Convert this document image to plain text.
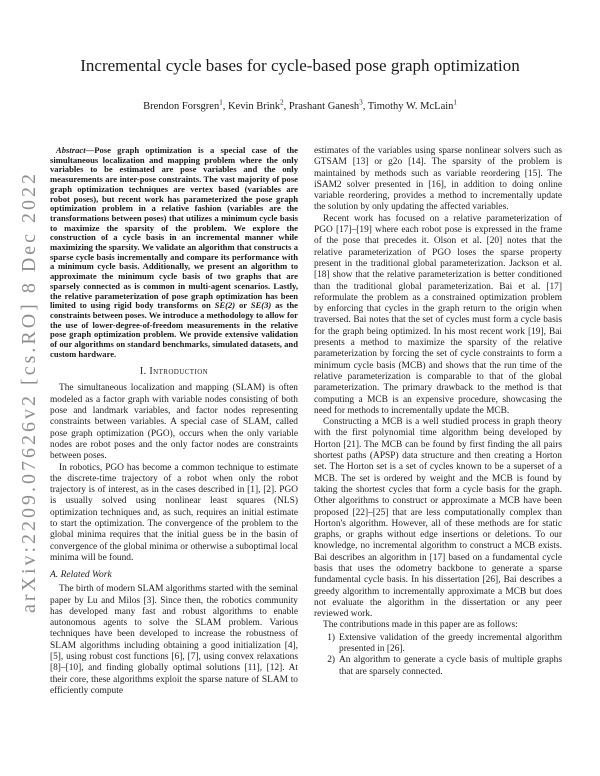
arXiv:2209.07626v2 [cs.RO] 8 Dec 2022
Incremental cycle bases for cycle-based pose graph optimization
Brendon Forsgren$^1$, Kevin Brink$^2$, Prashant Ganesh$^3$, Timothy W. McLain$^1$

Abstract—Pose graph optimization is a special case of the simultaneous localization and mapping problem where the only variables to be estimated are pose variables and the only measurements are inter-pose constraints. The vast majority of pose graph optimization techniques are vertex based (variables are robot poses), but recent work has parameterized the pose graph optimization problem in a relative fashion (variables are the transformations between poses) that utilizes a minimum cycle basis to maximize the sparsity of the problem. We explore the construction of a cycle basis in an incremental manner while maximizing the sparsity. We validate an algorithm that constructs a sparse cycle basis incrementally and compare its performance with a minimum cycle basis. Additionally, we present an algorithm to approximate the minimum cycle basis of two graphs that are sparsely connected as is common in multi-agent scenarios. Lastly, the relative parameterization of pose graph optimization has been limited to using rigid body transforms on SE(2) or SE(3) as the constraints between poses. We introduce a methodology to allow for the use of lower-degree-of-freedom measurements in the relative pose graph optimization problem. We provide extensive validation of our algorithms on standard benchmarks, simulated datasets, and custom hardware.

I. Introduction

The simultaneous localization and mapping (SLAM) is often modeled as a factor graph with variable nodes consisting of both pose and landmark variables, and factor nodes representing constraints between variables. A special case of SLAM, called pose graph optimization (PGO), occurs when the only variable nodes are robot poses and the only factor nodes are constraints between poses.

In robotics, PGO has become a common technique to estimate the discrete-time trajectory of a robot when only the robot trajectory is of interest, as in the cases described in [1], [2]. PGO is usually solved using nonlinear least squares (NLS) optimization techniques and, as such, requires an initial estimate to start the optimization. The convergence of the problem to the global minima requires that the initial guess be in the basin of convergence of the global minima or otherwise a suboptimal local minima will be found.

A. Related Work

The birth of modern SLAM algorithms started with the seminal paper by Lu and Milos [3]. Since then, the robotics community has developed many fast and robust algorithms to enable autonomous agents to solve the SLAM problem. Various techniques have been developed to increase the robustness of SLAM algorithms including obtaining a good initialization [4], [5], using robust cost functions [6], [7], using convex relaxations [8]–[10], and finding globally optimal solutions [11], [12]. At their core, these algorithms exploit the sparse nature of SLAM to efficiently compute

estimates of the variables using sparse nonlinear solvers such as GTSAM [13] or g2o [14]. The sparsity of the problem is maintained by methods such as variable reordering [15]. The iSAM2 solver presented in [16], in addition to doing online variable reordering, provides a method to incrementally update the solution by only updating the affected variables.

Recent work has focused on a relative parameterization of PGO [17]–[19] where each robot pose is expressed in the frame of the pose that precedes it. Olson et al. [20] notes that the relative parameterization of PGO loses the sparse property present in the traditional global parameterization. Jackson et al. [18] show that the relative parameterization is better conditioned than the traditional global parameterization. Bai et al. [17] reformulate the problem as a constrained optimization problem by enforcing that cycles in the graph return to the origin when traversed. Bai notes that the set of cycles must form a cycle basis for the graph being optimized. In his most recent work [19], Bai presents a method to maximize the sparsity of the relative parameterization by forcing the set of cycle constraints to form a minimum cycle basis (MCB) and shows that the run time of the relative parameterization is comparable to that of the global parameterization. The primary drawback to the method is that computing a MCB is an expensive procedure, showcasing the need for methods to incrementally update the MCB.

Constructing a MCB is a well studied process in graph theory with the first polynomial time algorithm being developed by Horton [21]. The MCB can be found by first finding the all pairs shortest paths (APSP) data structure and then creating a Horton set. The Horton set is a set of cycles known to be a superset of a MCB. The set is ordered by weight and the MCB is found by taking the shortest cycles that form a cycle basis for the graph. Other algorithms to construct or approximate a MCB have been proposed [22]–[25] that are less computationally complex than Horton's algorithm. However, all of these methods are for static graphs, or graphs without edge insertions or deletions. To our knowledge, no incremental algorithm to construct a MCB exists. Bai describes an algorithm in [17] based on a fundamental cycle basis that uses the odometry backbone to generate a sparse fundamental cycle basis. In his dissertation [26], Bai describes a greedy algorithm to incrementally approximate a MCB but does not evaluate the algorithm in the dissertation or any peer reviewed work.

The contributions made in this paper are as follows:

1) Extensive validation of the greedy incremental algorithm presented in [26].
2) An algorithm to generate a cycle basis of multiple graphs that are sparsely connected.
